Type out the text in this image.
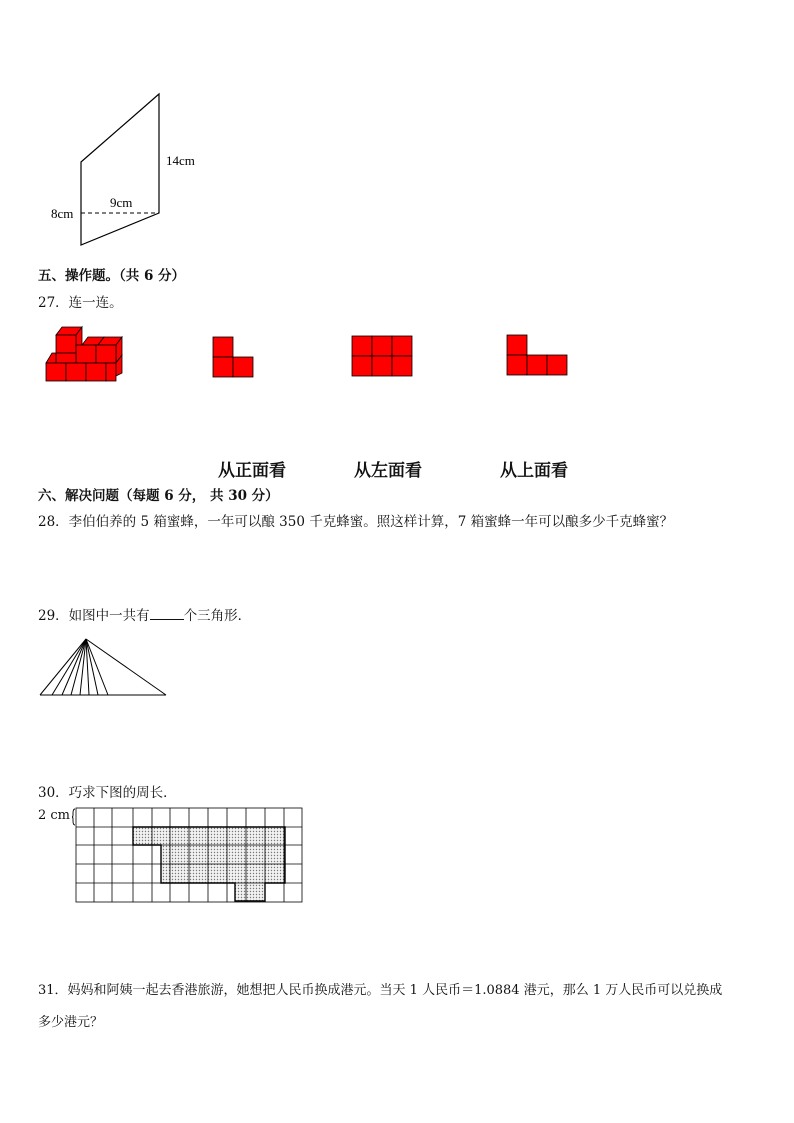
14cm
9cm
8cm
五、操作题。（共 6 分）
27．连一连。
从正面看	从左面看	从上面看
六、解决问题（每题 6 分， 共 30 分）
28．李伯伯养的 5 箱蜜蜂，一年可以酿 350 千克蜂蜜。照这样计算，7 箱蜜蜂一年可以酿多少千克蜂蜜？
29．如图中一共有	个三角形．
30．巧求下图的周长．
2 cm
31．妈妈和阿姨一起去香港旅游，她想把人民币换成港元。当天 1 人民币＝1.0884 港元，那么 1 万人民币可以兑换成
多少港元？
